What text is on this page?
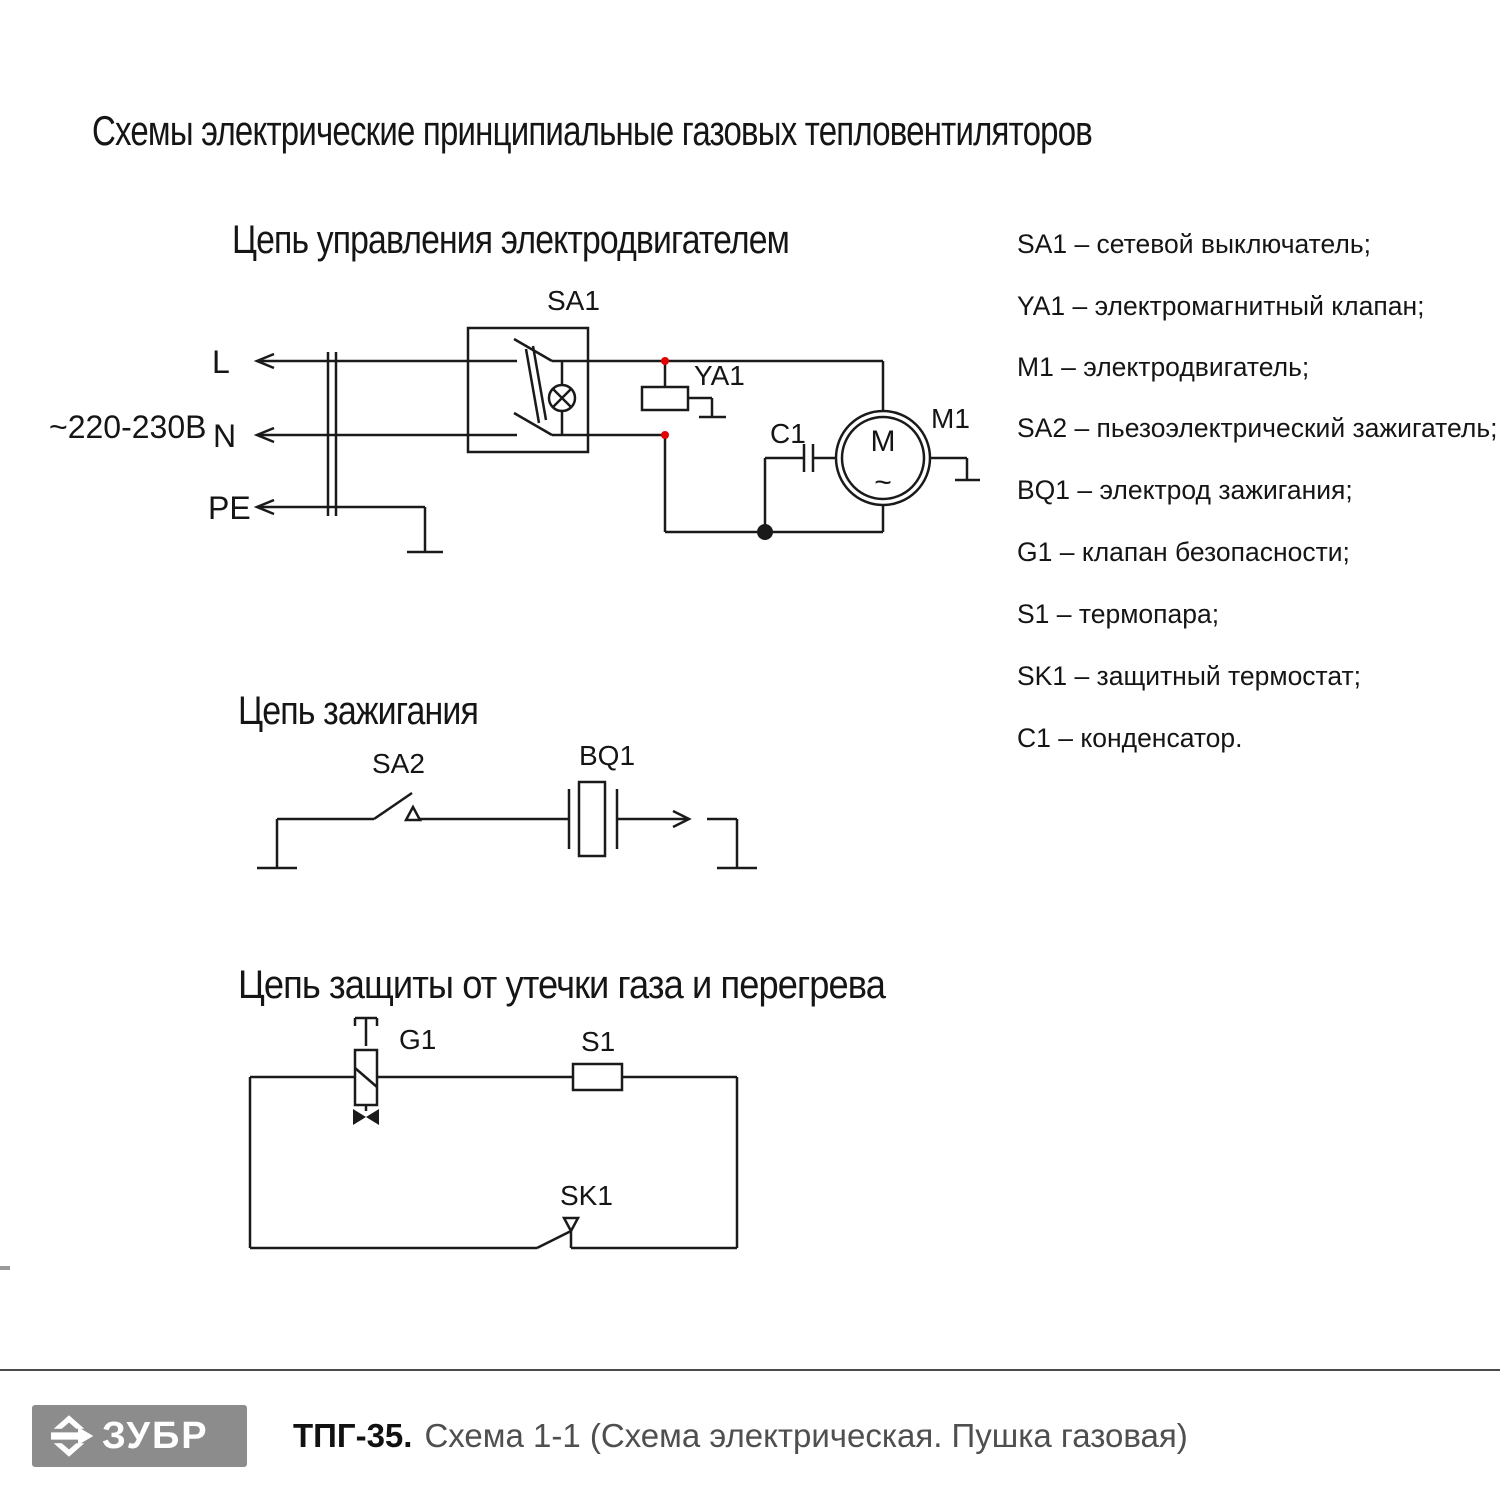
Схемы электрические принципиальные газовых тепловентиляторов
Цепь управления электродвигателем
~220-230В
L
N
PE
SA1
YA1
C1	M1
M
~
Цепь зажигания
SA2	BQ1
Цепь защиты от утечки газа и перегрева
G1	S1
SK1
SA1 – сетевой выключатель;
YA1 – электромагнитный клапан;
M1 – электродвигатель;
SA2 – пьезоэлектрический зажигатель;
BQ1 – электрод зажигания;
G1 – клапан безопасности;
S1 – термопара;
SK1 – защитный термостат;
C1 – конденсатор.
ЗУБР	ТПГ-35. Схема 1-1 (Схема электрическая. Пушка газовая)
